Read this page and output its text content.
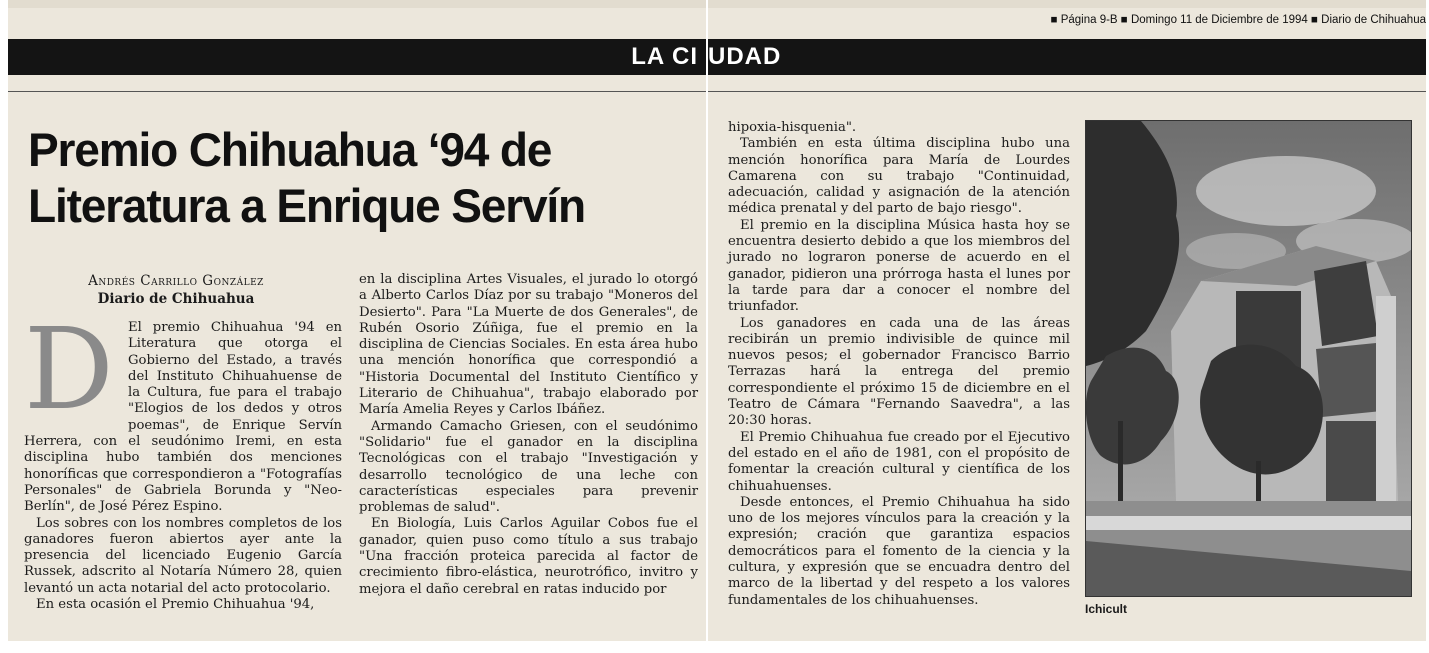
LA CI
Premio Chihuahua ‘94 de Literatura a Enrique Servín
Andrés Carrillo González
Diario de Chihuahua

D El premio Chihuahua '94 en Literatura que otorga el Gobierno del Estado, a través del Instituto Chihuahuense de la Cultura, fue para el trabajo "Elogios de los dedos y otros poemas", de Enrique Servín Herrera, con el seudónimo Iremi, en esta disciplina hubo también dos menciones honoríficas que correspondieron a "Fotografías Personales" de Gabriela Borunda y "Neo-Berlín", de José Pérez Espino.

Los sobres con los nombres completos de los ganadores fueron abiertos ayer ante la presencia del licenciado Eugenio García Russek, adscrito al Notaría Número 28, quien levantó un acta notarial del acto protocolario.

En esta ocasión el Premio Chihuahua '94,

en la disciplina Artes Visuales, el jurado lo otorgó a Alberto Carlos Díaz por su trabajo "Moneros del Desierto". Para "La Muerte de dos Generales", de Rubén Osorio Zúñiga, fue el premio en la disciplina de Ciencias Sociales. En esta área hubo una mención honorífica que correspondió a "Historia Documental del Instituto Científico y Literario de Chihuahua", trabajo elaborado por María Amelia Reyes y Carlos Ibáñez.

Armando Camacho Griesen, con el seudónimo "Solidario" fue el ganador en la disciplina Tecnológicas con el trabajo "Investigación y desarrollo tecnológico de una leche con características especiales para prevenir problemas de salud".

En Biología, Luis Carlos Aguilar Cobos fue el ganador, quien puso como título a sus trabajo "Una fracción proteica parecida al factor de crecimiento fibro-elástica, neurotrófico, invitro y mejora el daño cerebral en ratas inducido por

■ Página 9-B ■ Domingo 11 de Diciembre de 1994 ■ Diario de Chihuahua
UDAD

hipoxia-hisquenia".

También en esta última disciplina hubo una mención honorífica para María de Lourdes Camarena con su trabajo "Continuidad, adecuación, calidad y asignación de la atención médica prenatal y del parto de bajo riesgo".

El premio en la disciplina Música hasta hoy se encuentra desierto debido a que los miembros del jurado no lograron ponerse de acuerdo en el ganador, pidieron una prórroga hasta el lunes por la tarde para dar a conocer el nombre del triunfador.

Los ganadores en cada una de las áreas recibirán un premio indivisible de quince mil nuevos pesos; el gobernador Francisco Barrio Terrazas hará la entrega del premio correspondiente el próximo 15 de diciembre en el Teatro de Cámara "Fernando Saavedra", a las 20:30 horas.

El Premio Chihuahua fue creado por el Ejecutivo del estado en el año de 1981, con el propósito de fomentar la creación cultural y científica de los chihuahuenses.

Desde entonces, el Premio Chihuahua ha sido uno de los mejores vínculos para la creación y la expresión; cración que garantiza espacios democráticos para el fomento de la ciencia y la cultura, y expresión que se encuadra dentro del marco de la libertad y del respeto a los valores fundamentales de los chihuahuenses.

Ichicult
